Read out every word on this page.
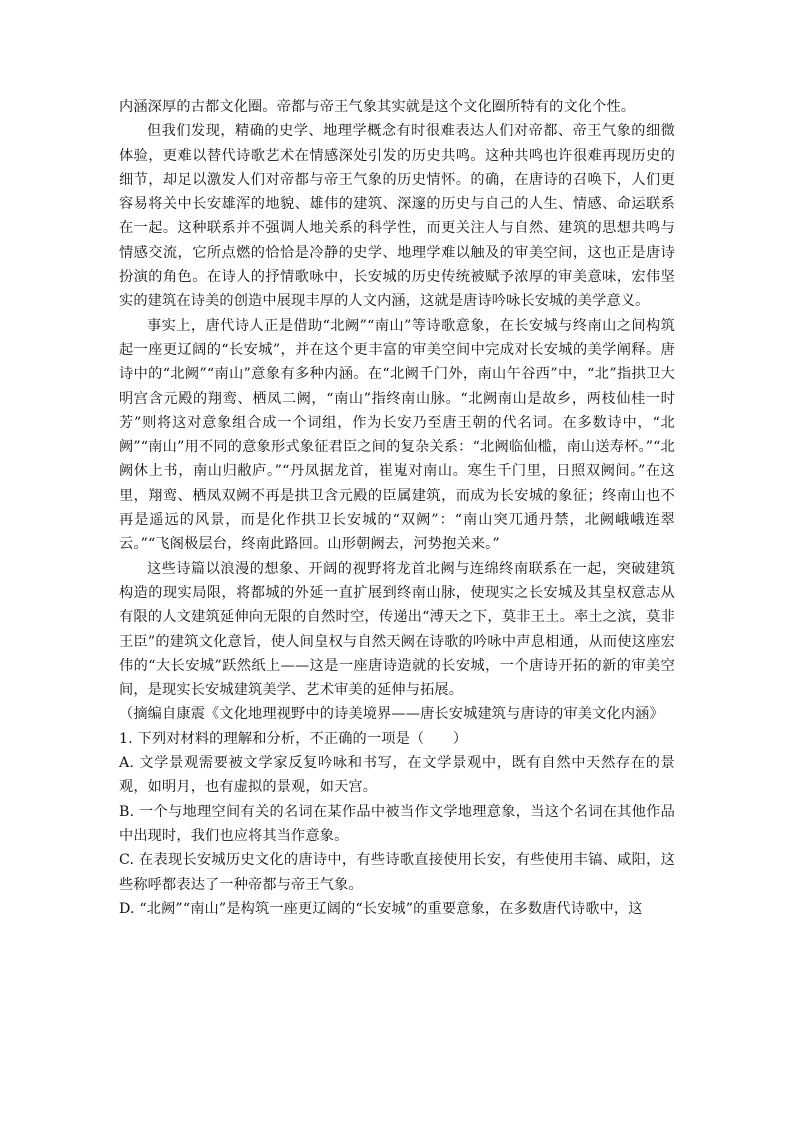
内涵深厚的古都文化圈。帝都与帝王气象其实就是这个文化圈所特有的文化个性。

但我们发现，精确的史学、地理学概念有时很难表达人们对帝都、帝王气象的细微体验，更难以替代诗歌艺术在情感深处引发的历史共鸣。这种共鸣也许很难再现历史的细节，却足以激发人们对帝都与帝王气象的历史情怀。的确，在唐诗的召唤下，人们更容易将关中长安雄浑的地貌、雄伟的建筑、深邃的历史与自己的人生、情感、命运联系在一起。这种联系并不强调人地关系的科学性，而更关注人与自然、建筑的思想共鸣与情感交流，它所点燃的恰恰是冷静的史学、地理学难以触及的审美空间，这也正是唐诗扮演的角色。在诗人的抒情歌咏中，长安城的历史传统被赋予浓厚的审美意味，宏伟坚实的建筑在诗美的创造中展现丰厚的人文内涵，这就是唐诗吟咏长安城的美学意义。

事实上，唐代诗人正是借助“北阙”“南山”等诗歌意象，在长安城与终南山之间构筑起一座更辽阔的“长安城”，并在这个更丰富的审美空间中完成对长安城的美学阐释。唐诗中的“北阙”“南山”意象有多种内涵。在“北阙千门外，南山午谷西”中，“北”指拱卫大明宫含元殿的翔鸾、栖凤二阙，“南山”指终南山脉。“北阙南山是故乡，两枝仙桂一时芳”则将这对意象组合成一个词组，作为长安乃至唐王朝的代名词。在多数诗中，“北阙”“南山”用不同的意象形式象征君臣之间的复杂关系：“北阙临仙槛，南山送寿杯。”“北阙休上书，南山归敝庐。”“丹凤据龙首，崔嵬对南山。寒生千门里，日照双阙间。”在这里，翔鸾、栖凤双阙不再是拱卫含元殿的臣属建筑，而成为长安城的象征；终南山也不再是遥远的风景，而是化作拱卫长安城的“双阙”：“南山突兀通丹禁，北阙峨峨连翠云。”“飞阁极层台，终南此路回。山形朝阙去，河势抱关来。”

这些诗篇以浪漫的想象、开阔的视野将龙首北阙与连绵终南联系在一起，突破建筑构造的现实局限，将都城的外延一直扩展到终南山脉，使现实之长安城及其皇权意志从有限的人文建筑延伸向无限的自然时空，传递出“溥天之下，莫非王土。率土之滨，莫非王臣”的建筑文化意旨，使人间皇权与自然天阙在诗歌的吟咏中声息相通，从而使这座宏伟的“大长安城”跃然纸上——这是一座唐诗造就的长安城，一个唐诗开拓的新的审美空间，是现实长安城建筑美学、艺术审美的延伸与拓展。

（摘编自康震《文化地理视野中的诗美境界——唐长安城建筑与唐诗的审美文化内涵》

1. 下列对材料的理解和分析，不正确的一项是（　　）

A. 文学景观需要被文学家反复吟咏和书写，在文学景观中，既有自然中天然存在的景观，如明月，也有虚拟的景观，如天宫。

B. 一个与地理空间有关的名词在某作品中被当作文学地理意象，当这个名词在其他作品中出现时，我们也应将其当作意象。

C. 在表现长安城历史文化的唐诗中，有些诗歌直接使用长安，有些使用丰镐、咸阳，这些称呼都表达了一种帝都与帝王气象。

D. “北阙”“南山”是构筑一座更辽阔的“长安城”的重要意象，在多数唐代诗歌中，这
